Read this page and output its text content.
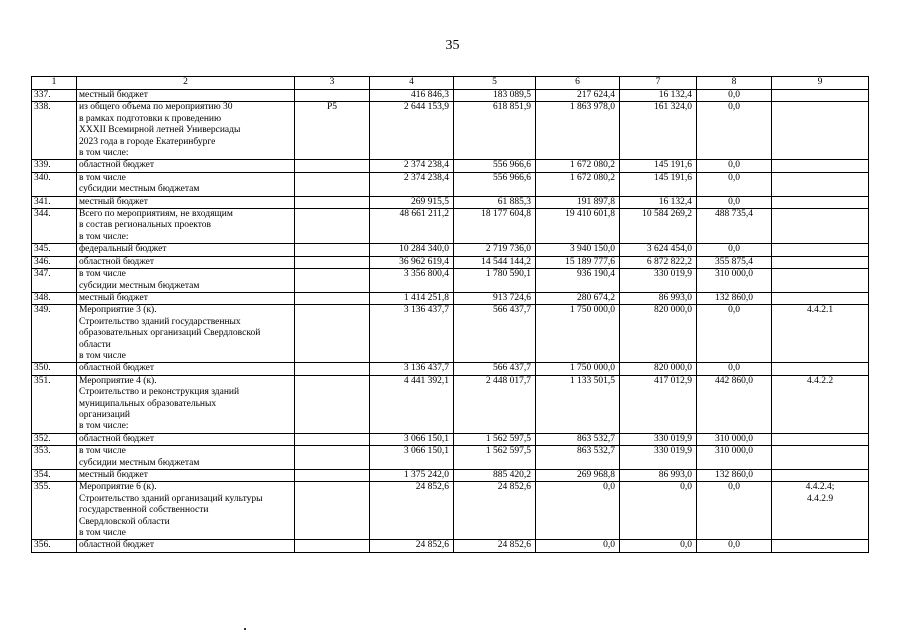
35
1	2	3	4	5	6	7	8	9
337.	местный бюджет		416 846,3	183 089,5	217 624,4	16 132,4	0,0	
338.	из общего объема по мероприятию 30
в рамках подготовки к проведению
XXXII Всемирной летней Универсиады
2023 года в городе Екатеринбурге
в том числе:	Р5	2 644 153,9	618 851,9	1 863 978,0	161 324,0	0,0	
339.	областной бюджет		2 374 238,4	556 966,6	1 672 080,2	145 191,6	0,0	
340.	в том числе
субсидии местным бюджетам		2 374 238,4	556 966,6	1 672 080,2	145 191,6	0,0	
341.	местный бюджет		269 915,5	61 885,3	191 897,8	16 132,4	0,0	
344.	Всего по мероприятиям, не входящим
в состав региональных проектов
в том числе:		48 661 211,2	18 177 604,8	19 410 601,8	10 584 269,2	488 735,4	
345.	федеральный бюджет		10 284 340,0	2 719 736,0	3 940 150,0	3 624 454,0	0,0	
346.	областной бюджет		36 962 619,4	14 544 144,2	15 189 777,6	6 872 822,2	355 875,4	
347.	в том числе
субсидии местным бюджетам		3 356 800,4	1 780 590,1	936 190,4	330 019,9	310 000,0	
348.	местный бюджет		1 414 251,8	913 724,6	280 674,2	86 993,0	132 860,0	
349.	Мероприятие 3 (к).
Строительство зданий государственных
образовательных организаций Свердловской
области
в том числе		3 136 437,7	566 437,7	1 750 000,0	820 000,0	0,0	4.4.2.1
350.	областной бюджет		3 136 437,7	566 437,7	1 750 000,0	820 000,0	0,0	
351.	Мероприятие 4 (к).
Строительство и реконструкция зданий
муниципальных образовательных
организаций
в том числе:		4 441 392,1	2 448 017,7	1 133 501,5	417 012,9	442 860,0	4.4.2.2
352.	областной бюджет		3 066 150,1	1 562 597,5	863 532,7	330 019,9	310 000,0	
353.	в том числе
субсидии местным бюджетам		3 066 150,1	1 562 597,5	863 532,7	330 019,9	310 000,0	
354.	местный бюджет		1 375 242,0	885 420,2	269 968,8	86 993,0	132 860,0	
355.	Мероприятие 6 (к).
Строительство зданий организаций культуры
государственной собственности
Свердловской области
в том числе		24 852,6	24 852,6	0,0	0,0	0,0	4.4.2.4;
4.4.2.9
356.	областной бюджет		24 852,6	24 852,6	0,0	0,0	0,0	
